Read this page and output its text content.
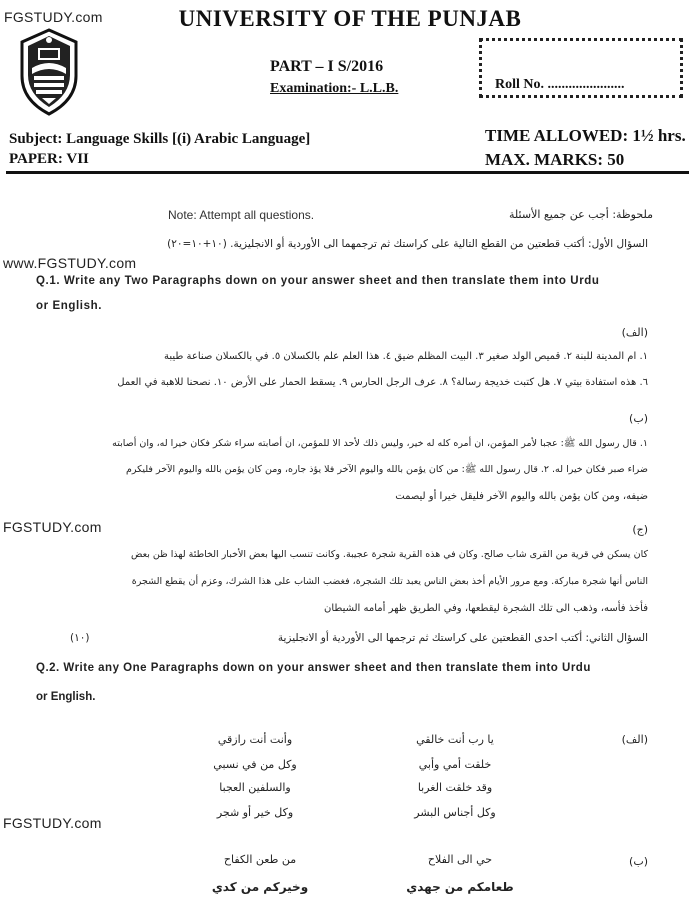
FGSTUDY.com
www.FGSTUDY.com
FGSTUDY.com
FGSTUDY.com
UNIVERSITY OF THE PUNJAB
PART – I S/2016
Examination:- L.L.B.	Roll No. ......................
Subject: Language Skills [(i) Arabic Language]
PAPER: VII
TIME ALLOWED: 1½ hrs.
MAX. MARKS: 50
Note: Attempt all questions.	ملحوظة: أجب عن جميع الأسئلة
السؤال الأول: أكتب قطعتين من القطع التالية على كراستك ثم ترجمهما الى الأوردية أو الانجليزية. (١٠+١٠=٢٠)
Q.1. Write any Two Paragraphs down on your answer sheet and then translate them into Urdu
or English.
(الف)
١. ام المدينة للبنة ٢. قميص الولد صغير ٣. البيت المظلم ضيق ٤. هذا العلم علم بالكسلان ٥. في بالكسلان صناعة طيبة
٦. هذه استفادة بيتي ٧. هل كتبت خديجة رسالة؟ ٨. عرف الرجل الحارس ٩. يسقط الحمار على الأرض ١٠. نصحنا للاهبة في العمل
(ب)
١. قال رسول الله ﷺ: عجبا لأمر المؤمن، ان أمره كله له خير، وليس ذلك لأحد الا للمؤمن، ان أصابته سراء شكر فكان خيرا له، وان أصابته
ضراء صبر فكان خيرا له. ٢. قال رسول الله ﷺ: من كان يؤمن بالله واليوم الآخر فلا يؤذ جاره، ومن كان يؤمن بالله واليوم الآخر فليكرم
ضيفه، ومن كان يؤمن بالله واليوم الآخر فليقل خيرا أو ليصمت
(ج)
كان يسكن في قرية من القرى شاب صالح. وكان في هذه القرية شجرة عجيبة. وكانت تنسب اليها بعض الأخبار الخاطئة لهذا ظن بعض
الناس أنها شجرة مباركة. ومع مرور الأيام أخذ بعض الناس يعبد تلك الشجرة، فغضب الشاب على هذا الشرك، وعزم أن يقطع الشجرة
فأخذ فأسه، وذهب الى تلك الشجرة ليقطعها، وفي الطريق ظهر أمامه الشيطان
السؤال الثاني: أكتب احدى القطعتين على كراستك ثم ترجمها الى الأوردية أو الانجليزية
(١٠)
Q.2. Write any One Paragraphs down on your answer sheet and then translate them into Urdu
or English.
(الف)
يا رب أنت خالقي
خلقت أمي وأبي
وقد خلقت الغربا
وكل أجناس البشر
وأنت أنت رازقي
وكل من في نسبي
والسلفين العجبا
وكل خير أو شجر
(ب)
حي الى الفلاح
طعامكم من جهدي
من طعن الكفاح
وخيركم من كدي
